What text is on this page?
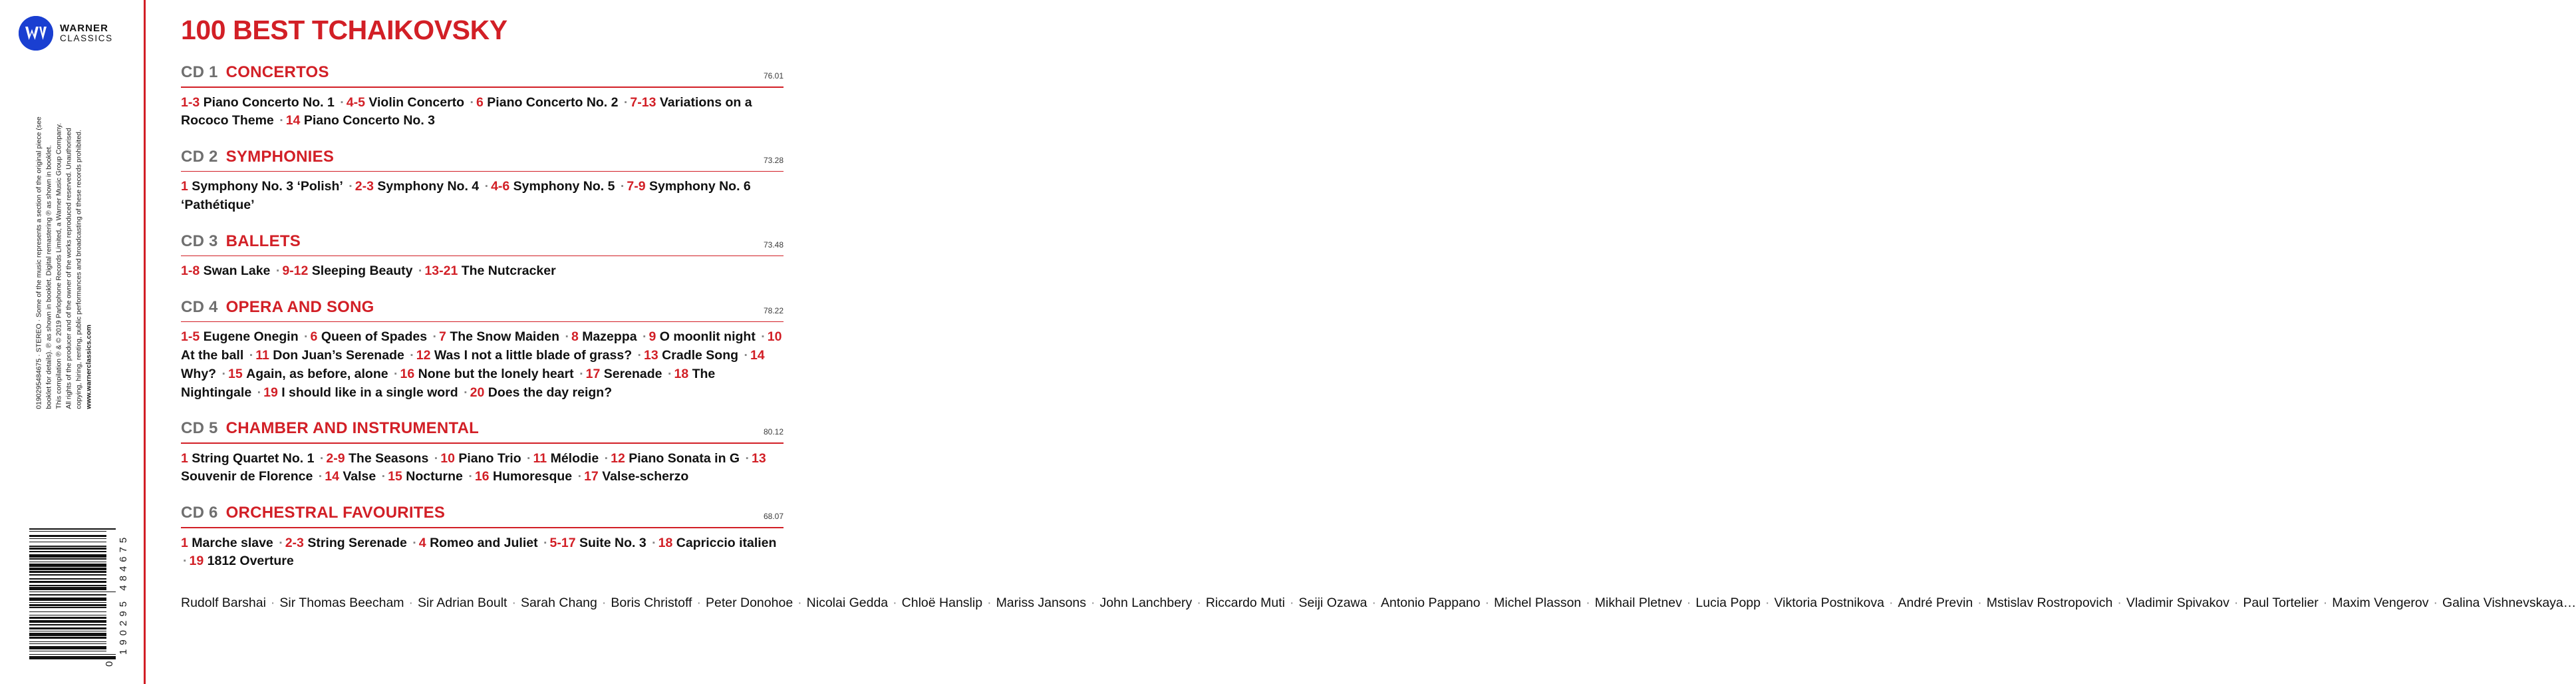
WARNER
CLASSICS
0190295484675 · STEREO · Some of the music represents a section of the original piece (see booklet for details). ℗ as shown in booklet. Digital remastering ℗ as shown in booklet. This compilation ℗ & © 2019 Parlophone Records Limited, a Warner Music Group Company. All rights of the producer and of the owner of the works reproduced reserved. Unauthorised copying, hiring, renting, public performances and broadcasting of these records prohibited. www.warnerclassics.com
0
190295 484675
100 BEST TCHAIKOVSKY
CD 1 CONCERTOS	76.01
1-3 Piano Concerto No. 1 · 4-5 Violin Concerto · 6 Piano Concerto No. 2 · 7-13 Variations on a Rococo Theme · 14 Piano Concerto No. 3
CD 2 SYMPHONIES	73.28
1 Symphony No. 3 ‘Polish’ · 2-3 Symphony No. 4 · 4-6 Symphony No. 5 · 7-9 Symphony No. 6 ‘Pathétique’
CD 3 BALLETS	73.48
1-8 Swan Lake · 9-12 Sleeping Beauty · 13-21 The Nutcracker
CD 4 OPERA AND SONG	78.22
1-5 Eugene Onegin · 6 Queen of Spades · 7 The Snow Maiden · 8 Mazeppa · 9 O moonlit night · 10 At the ball · 11 Don Juan’s Serenade · 12 Was I not a little blade of grass? · 13 Cradle Song · 14 Why? · 15 Again, as before, alone · 16 None but the lonely heart · 17 Serenade · 18 The Nightingale · 19 I should like in a single word · 20 Does the day reign?
CD 5 CHAMBER AND INSTRUMENTAL	80.12
1 String Quartet No. 1 · 2-9 The Seasons · 10 Piano Trio · 11 Mélodie · 12 Piano Sonata in G · 13 Souvenir de Florence · 14 Valse · 15 Nocturne · 16 Humoresque · 17 Valse-scherzo
CD 6 ORCHESTRAL FAVOURITES	68.07
1 Marche slave · 2-3 String Serenade · 4 Romeo and Juliet · 5-17 Suite No. 3 · 18 Capriccio italien · 19 1812 Overture
Rudolf Barshai · Sir Thomas Beecham · Sir Adrian Boult · Sarah Chang · Boris Christoff · Peter Donohoe · Nicolai Gedda · Chloë Hanslip · Mariss Jansons · John Lanchbery · Riccardo Muti · Seiji Ozawa · Antonio Pappano · Michel Plasson · Mikhail Pletnev · Lucia Popp · Viktoria Postnikova · André Previn · Mstislav Rostropovich · Vladimir Spivakov · Paul Tortelier · Maxim Vengerov · Galina Vishnevskaya…
